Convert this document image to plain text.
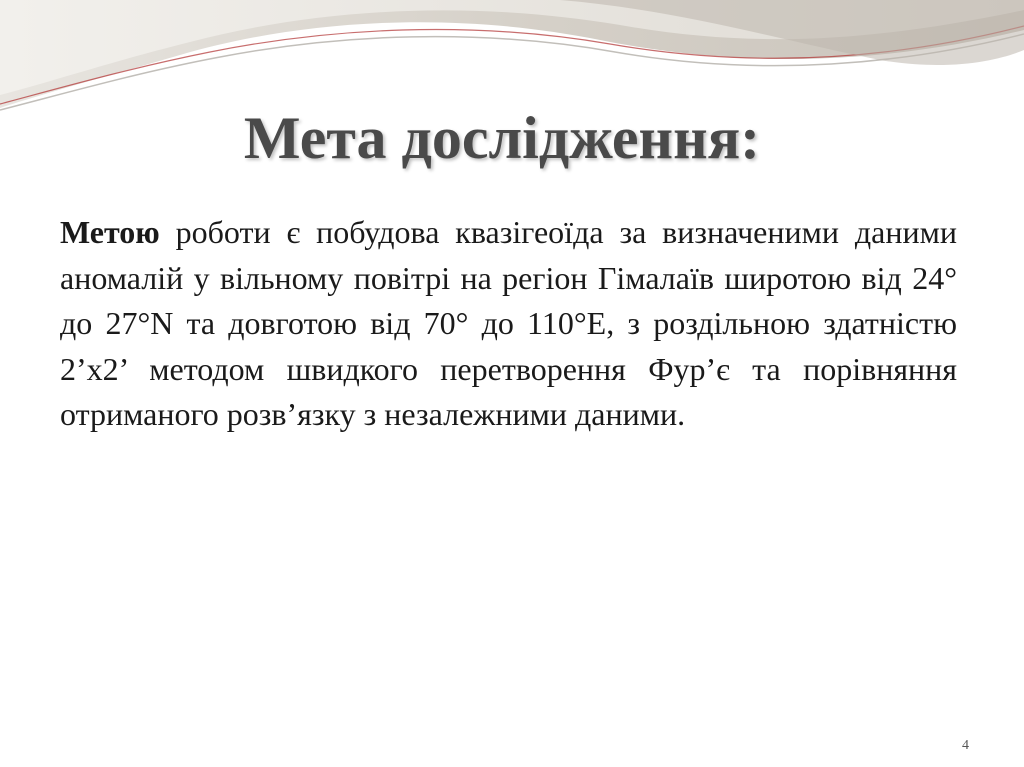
Мета дослідження:

Метою роботи є побудова квазігеоїда за визначеними даними аномалій у вільному повітрі на регіон Гімалаїв широтою від 24° до 27°N та довготою від 70° до 110°E, з роздільною здатністю 2’x2’ методом швидкого перетворення Фур’є та порівняння отриманого розв’язку з незалежними даними.

4
